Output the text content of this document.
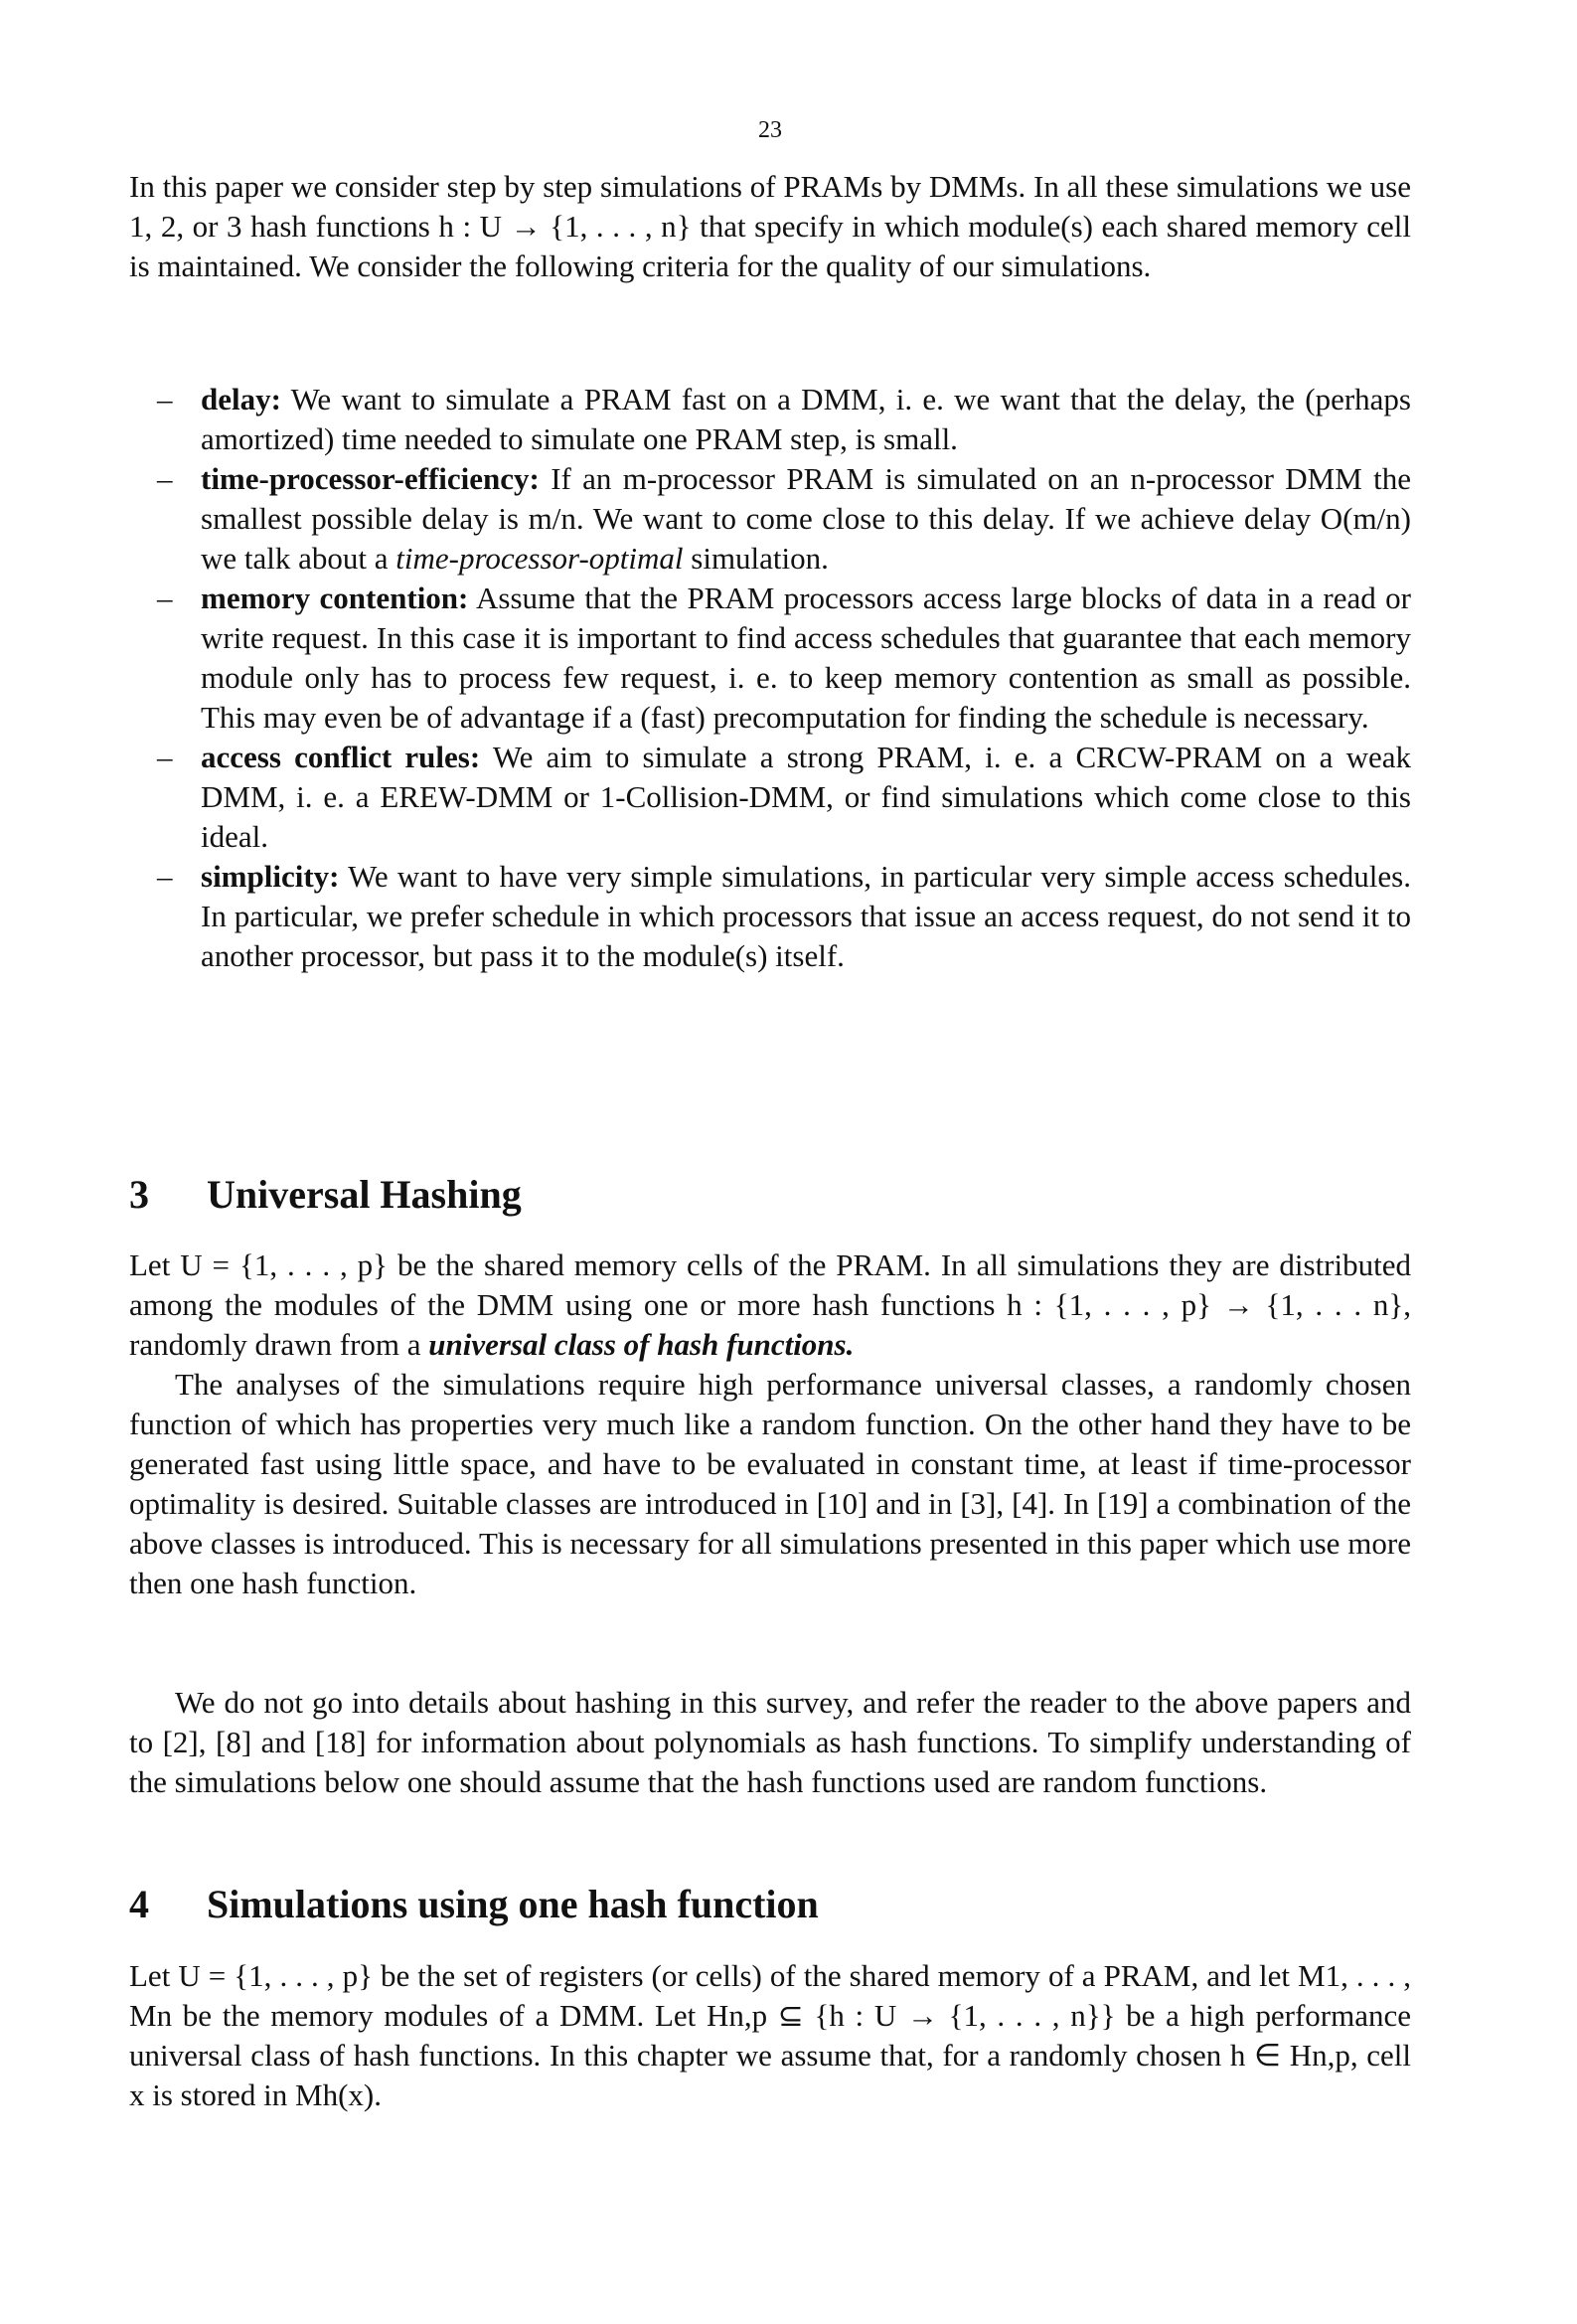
23

In this paper we consider step by step simulations of PRAMs by DMMs. In all these simulations we use 1, 2, or 3 hash functions h : U → {1, . . . , n} that specify in which module(s) each shared memory cell is maintained. We consider the following criteria for the quality of our simulations.

– delay: We want to simulate a PRAM fast on a DMM, i. e. we want that the delay, the (perhaps amortized) time needed to simulate one PRAM step, is small.
– time-processor-efficiency: If an m-processor PRAM is simulated on an n-processor DMM the smallest possible delay is m/n. We want to come close to this delay. If we achieve delay O(m/n) we talk about a time-processor-optimal simulation.
– memory contention: Assume that the PRAM processors access large blocks of data in a read or write request. In this case it is important to find access schedules that guarantee that each memory module only has to process few request, i. e. to keep memory contention as small as possible. This may even be of advantage if a (fast) precomputation for finding the schedule is necessary.
– access conflict rules: We aim to simulate a strong PRAM, i. e. a CRCW-PRAM on a weak DMM, i. e. a EREW-DMM or 1-Collision-DMM, or find simulations which come close to this ideal.
– simplicity: We want to have very simple simulations, in particular very simple access schedules. In particular, we prefer schedule in which processors that issue an access request, do not send it to another processor, but pass it to the module(s) itself.
3 Universal Hashing

Let U = {1, . . . , p} be the shared memory cells of the PRAM. In all simulations they are distributed among the modules of the DMM using one or more hash functions h : {1, . . . , p} → {1, . . . n}, randomly drawn from a universal class of hash functions.

The analyses of the simulations require high performance universal classes, a randomly chosen function of which has properties very much like a random function. On the other hand they have to be generated fast using little space, and have to be evaluated in constant time, at least if time-processor optimality is desired. Suitable classes are introduced in [10] and in [3], [4]. In [19] a combination of the above classes is introduced. This is necessary for all simulations presented in this paper which use more then one hash function.

We do not go into details about hashing in this survey, and refer the reader to the above papers and to [2], [8] and [18] for information about polynomials as hash functions. To simplify understanding of the simulations below one should assume that the hash functions used are random functions.

4 Simulations using one hash function

Let U = {1, . . . , p} be the set of registers (or cells) of the shared memory of a PRAM, and let M1, . . . , Mn be the memory modules of a DMM. Let Hn,p ⊆ {h : U → {1, . . . , n}} be a high performance universal class of hash functions. In this chapter we assume that, for a randomly chosen h ∈ Hn,p, cell x is stored in Mh(x).
